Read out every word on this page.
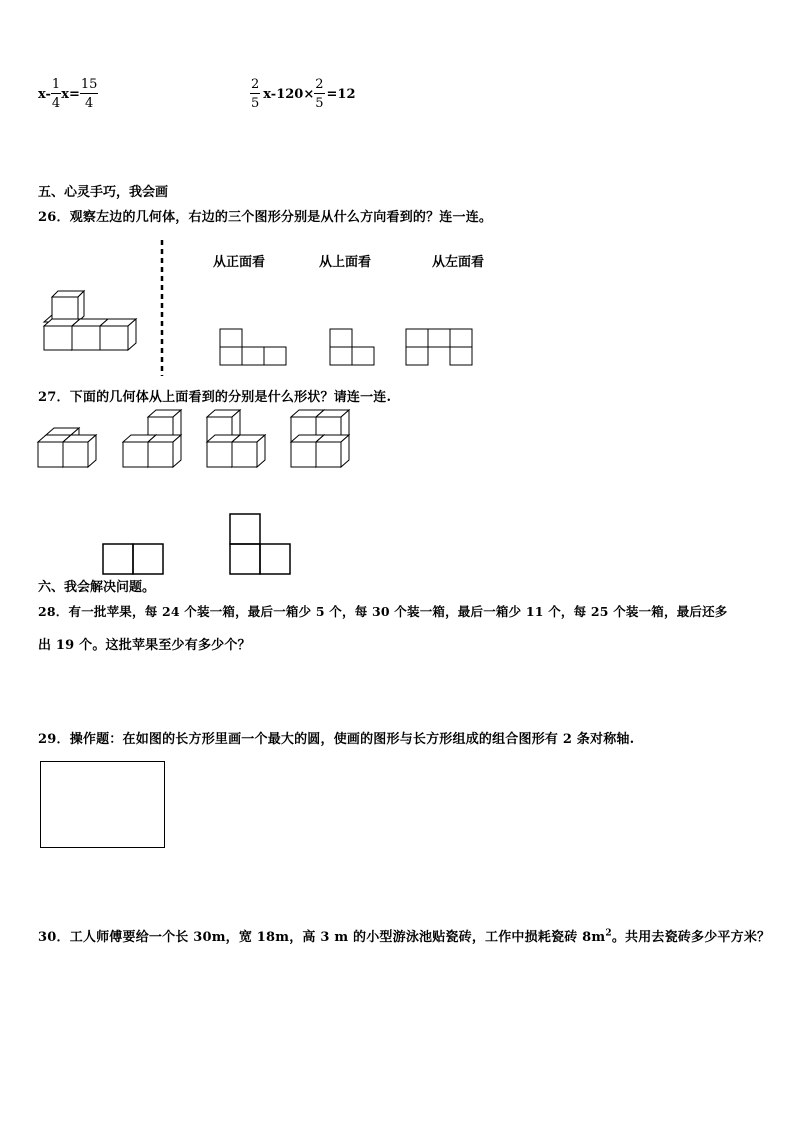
$x- \frac{1}{4} x= \frac{15}{4}$	$\frac{2}{5} x-120\times \frac{2}{5} =12$
五、心灵手巧，我会画
26．观察左边的几何体，右边的三个图形分别是从什么方向看到的？连一连。
从正面看	从上面看	从左面看
27．下面的几何体从上面看到的分别是什么形状？请连一连.
六、我会解决问题。
28．有一批苹果，每 24 个装一箱，最后一箱少 5 个，每 30 个装一箱，最后一箱少 11 个，每 25 个装一箱，最后还多
出 19 个。这批苹果至少有多少个？
29．操作题：在如图的长方形里画一个最大的圆，使画的图形与长方形组成的组合图形有 2 条对称轴.
30．工人师傅要给一个长 30m，宽 18m，高 3 m 的小型游泳池贴瓷砖，工作中损耗瓷砖 $8m^2$。共用去瓷砖多少平方米？
